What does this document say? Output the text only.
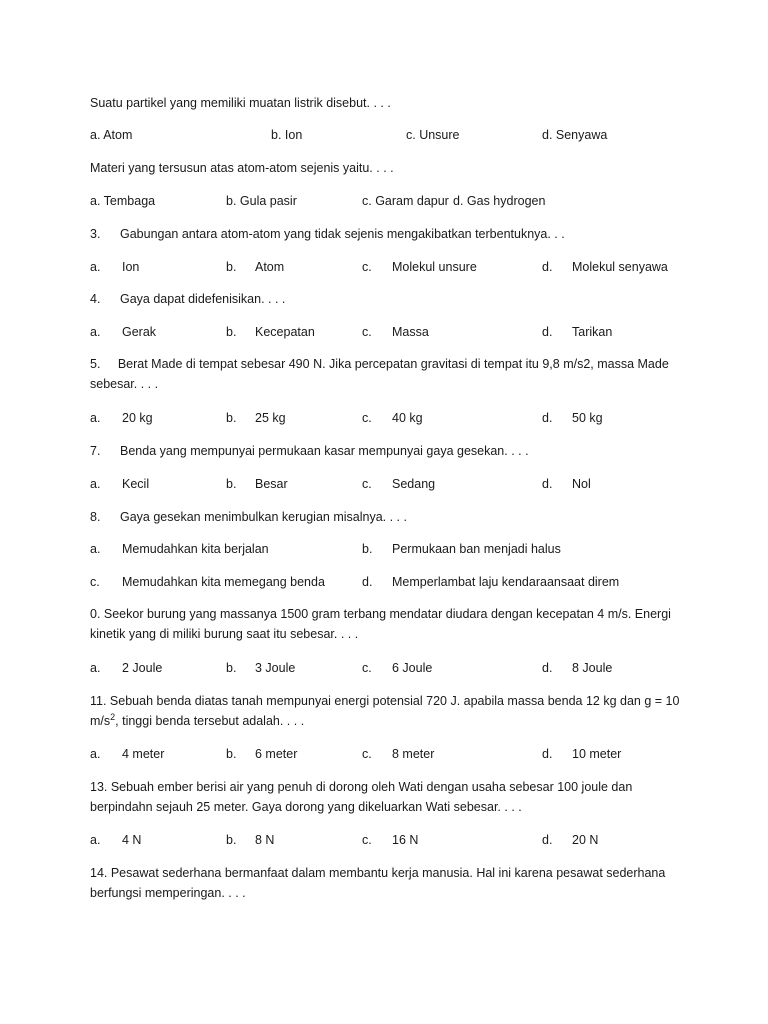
Suatu partikel yang memiliki muatan listrik disebut. . . .
a. Atom	b. Ion	c. Unsure	d. Senyawa
Materi yang tersusun atas atom-atom sejenis yaitu. . . .
a. Tembaga	b. Gula pasir	c. Garam dapur d. Gas hydrogen
3. Gabungan antara atom-atom yang tidak sejenis mengakibatkan terbentuknya. . .
a. Ion	b. Atom	c. Molekul unsure	d. Molekul senyawa
4. Gaya dapat didefenisikan. . . .
a. Gerak	b. Kecepatan	c. Massa	d. Tarikan
5. Berat Made di tempat sebesar 490 N. Jika percepatan gravitasi di tempat itu 9,8 m/s2, massa Made sebesar. . . .
a. 20 kg	b. 25 kg	c. 40 kg	d. 50 kg
7. Benda yang mempunyai permukaan kasar mempunyai gaya gesekan. . . .
a. Kecil	b. Besar	c. Sedang	d. Nol
8. Gaya gesekan menimbulkan kerugian misalnya. . . .
a. Memudahkan kita berjalan	b. Permukaan ban menjadi halus
c. Memudahkan kita memegang benda	d. Memperlambat laju kendaraansaat direm
0. Seekor burung yang massanya 1500 gram terbang mendatar diudara dengan kecepatan 4 m/s. Energi kinetik yang di miliki burung saat itu sebesar. . . .
a. 2 Joule	b. 3 Joule	c. 6 Joule	d. 8 Joule
11. Sebuah benda diatas tanah mempunyai energi potensial 720 J. apabila massa benda 12 kg dan g = 10 $m/s^2$, tinggi benda tersebut adalah. . . .
a. 4 meter	b. 6 meter	c. 8 meter	d. 10 meter
13. Sebuah ember berisi air yang penuh di dorong oleh Wati dengan usaha sebesar 100 joule dan berpindahn sejauh 25 meter. Gaya dorong yang dikeluarkan Wati sebesar. . . .
a. 4 N	b. 8 N	c. 16 N	d. 20 N
14. Pesawat sederhana bermanfaat dalam membantu kerja manusia. Hal ini karena pesawat sederhana berfungsi memperingan. . . .
